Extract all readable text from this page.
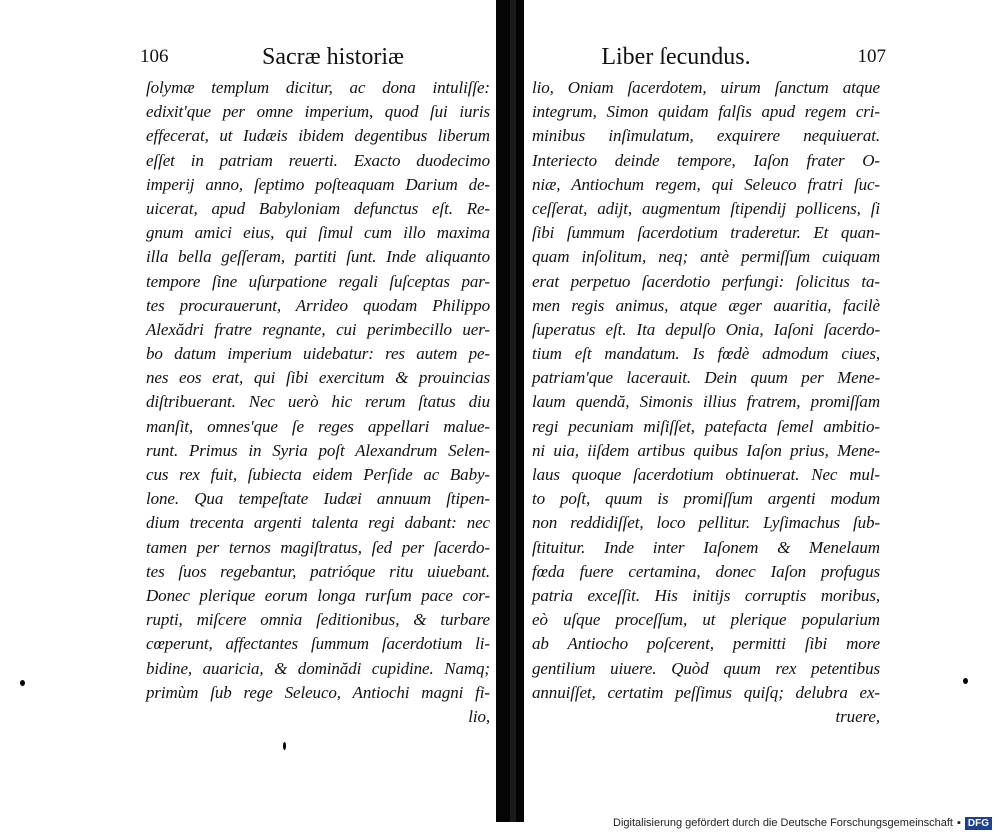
106	Sacræ historiæ
ſolymæ templum dicitur, ac dona intuliſſe:
edixit'que per omne imperium, quod ſui iuris
effecerat, ut Iudæis ibidem degentibus liberum
eſſet in patriam reuerti. Exacto duodecimo
imperij anno, ſeptimo poſteaquam Darium de-
uicerat, apud Babyloniam defunctus eſt. Re-
gnum amici eius, qui ſimul cum illo maxima
illa bella geſſeram, partiti ſunt. Inde aliquanto
tempore ſine uſurpatione regali ſuſceptas par-
tes procurauerunt, Arrideo quodam Philippo
Alexădri fratre regnante, cui perimbecillo uer-
bo datum imperium uidebatur: res autem pe-
nes eos erat, qui ſibi exercitum & prouincias
diſtribuerant. Nec uerò hic rerum ſtatus diu
manſit, omnes'que ſe reges appellari malue-
runt. Primus in Syria poſt Alexandrum Selen-
cus rex fuit, ſubiecta eidem Perſide ac Baby-
lone. Qua tempeſtate Iudæi annuum ſtipen-
dium trecenta argenti talenta regi dabant: nec
tamen per ternos magiſtratus, ſed per ſacerdo-
tes ſuos regebantur, patrióque ritu uiuebant.
Donec plerique eorum longa rurſum pace cor-
rupti, miſcere omnia ſeditionibus, & turbare
cœperunt, affectantes ſummum ſacerdotium li-
bidine, auaricia, & dominădi cupidine. Namq;
primùm ſub rege Seleuco, Antiochi magni fi-
lio,
Liber ſecundus.	107
lio, Oniam ſacerdotem, uirum ſanctum atque
integrum, Simon quidam falſis apud regem cri-
minibus inſimulatum, exquirere nequiuerat.
Interiecto deinde tempore, Iaſon frater O-
niæ, Antiochum regem, qui Seleuco fratri ſuc-
ceſſerat, adijt, augmentum ſtipendij pollicens, ſi
ſibi ſummum ſacerdotium traderetur. Et quan-
quam inſolitum, neq; antè permiſſum cuiquam
erat perpetuo ſacerdotio perfungi: ſolicitus ta-
men regis animus, atque æger auaritia, facilè
ſuperatus eſt. Ita depulſo Onia, Iaſoni ſacerdo-
tium eſt mandatum. Is fœdè admodum ciues,
patriam'que lacerauit. Dein quum per Mene-
laum quendă, Simonis illius fratrem, promiſſam
regi pecuniam miſiſſet, patefacta ſemel ambitio-
ni uia, iiſdem artibus quibus Iaſon prius, Mene-
laus quoque ſacerdotium obtinuerat. Nec mul-
to poſt, quum is promiſſum argenti modum
non reddidiſſet, loco pellitur. Lyſimachus ſub-
ſtituitur. Inde inter Iaſonem & Menelaum
fœda fuere certamina, donec Iaſon profugus
patria exceſſit. His initijs corruptis moribus,
eò uſque proceſſum, ut plerique popularium
ab Antiocho poſcerent, permitti ſibi more
gentilium uiuere. Quòd quum rex petentibus
annuiſſet, certatim peſſimus quiſq; delubra ex-
truere,
Digitalisierung gefördert durch die Deutsche Forschungsgemeinschaft ▪ DFG
